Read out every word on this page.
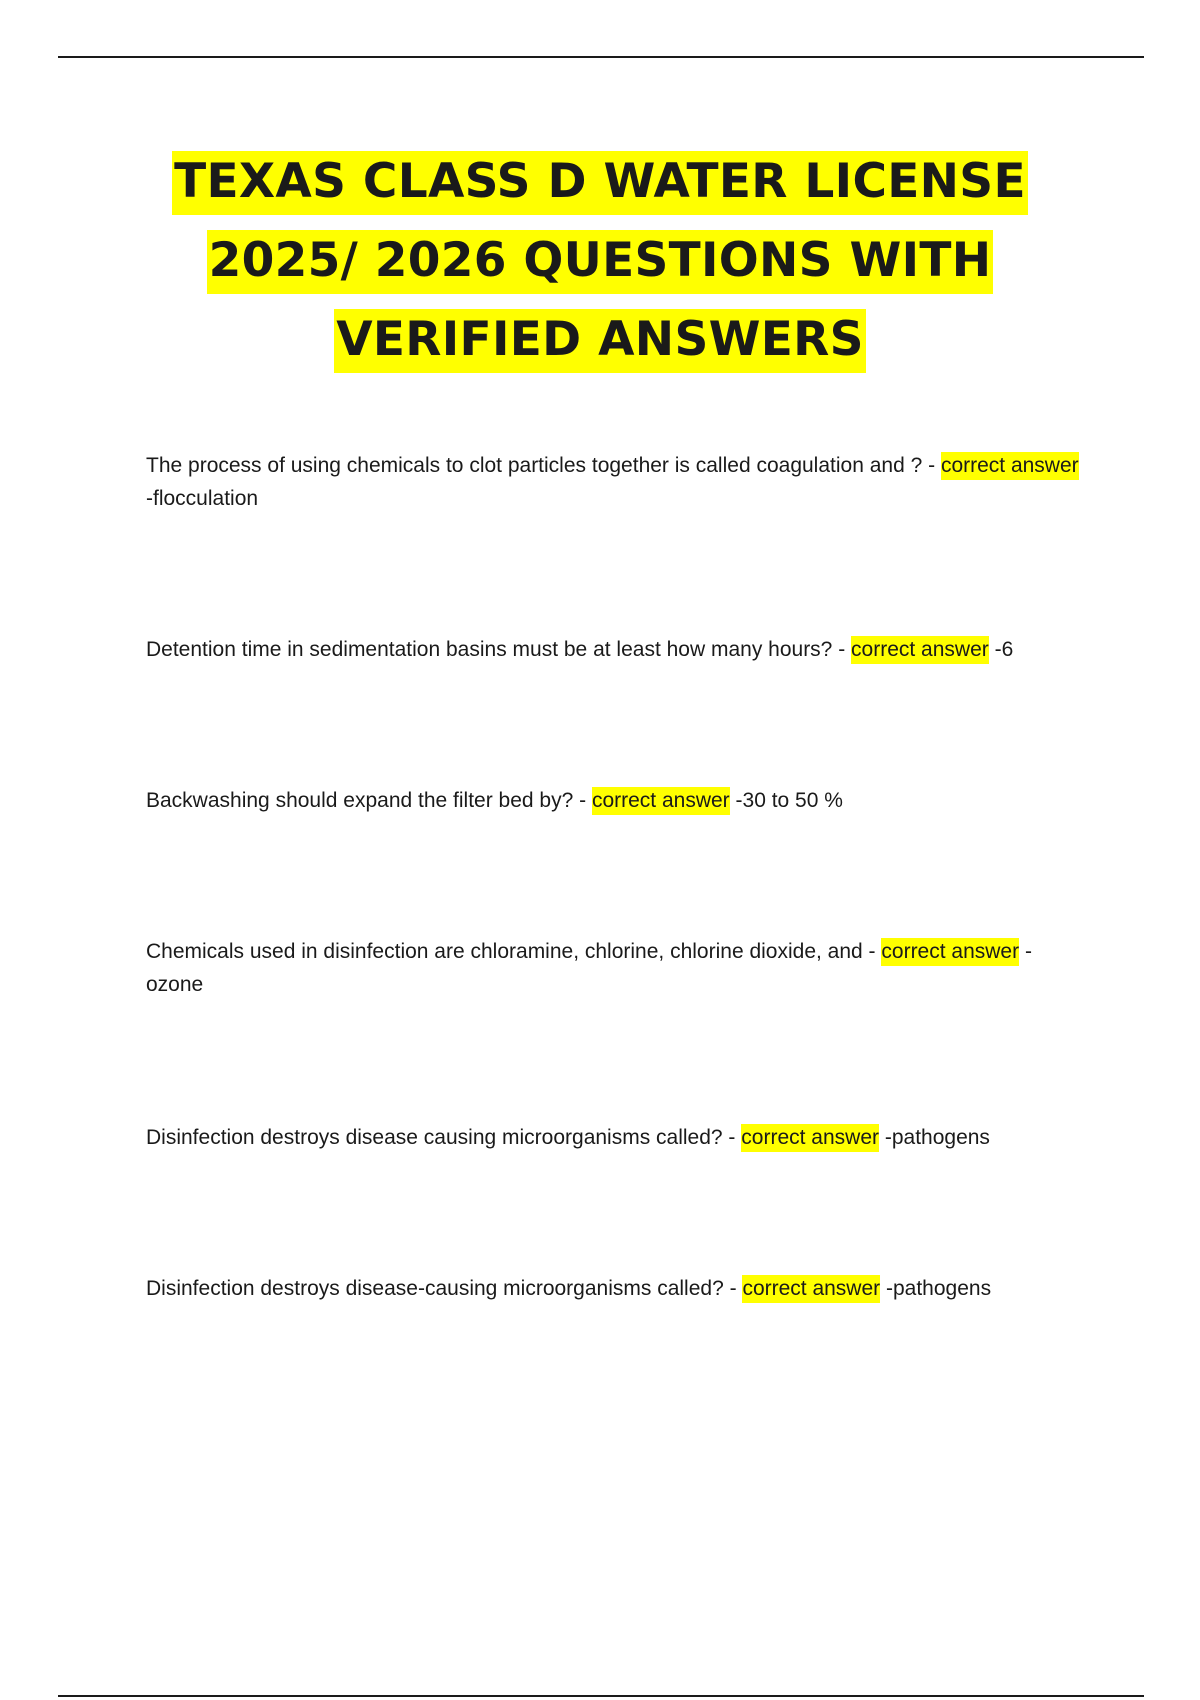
TEXAS CLASS D WATER LICENSE
2025/ 2026 QUESTIONS WITH
VERIFIED ANSWERS

The process of using chemicals to clot particles together is called coagulation and ? - correct answer -flocculation

Detention time in sedimentation basins must be at least how many hours? - correct answer -6

Backwashing should expand the filter bed by? - correct answer -30 to 50 %

Chemicals used in disinfection are chloramine, chlorine, chlorine dioxide, and - correct answer -ozone

Disinfection destroys disease causing microorganisms called? - correct answer -pathogens

Disinfection destroys disease-causing microorganisms called? - correct answer -pathogens
